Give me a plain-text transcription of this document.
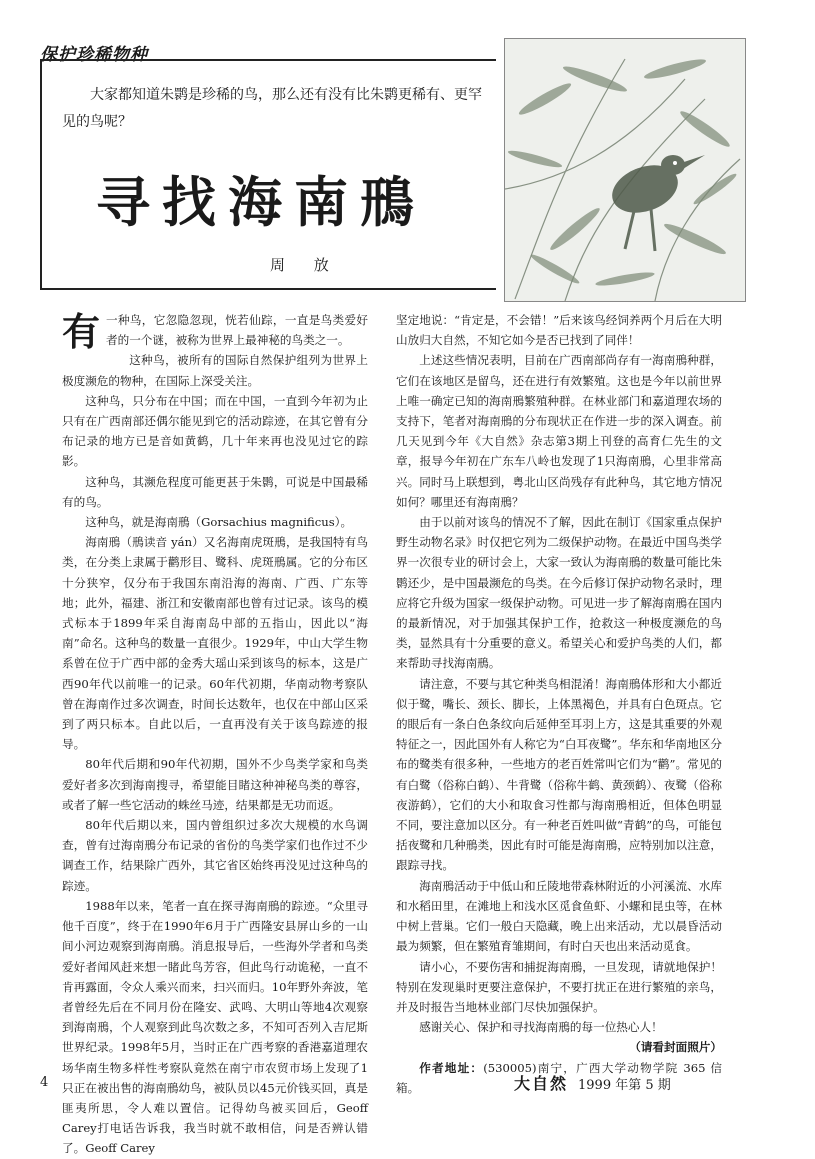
保护珍稀物种
大家都知道朱鹮是珍稀的鸟，那么还有没有比朱鹮更稀有、更罕见的鸟呢？
寻找海南鳽
周 放
有 一种鸟，它忽隐忽现，恍若仙踪，一直是鸟类爱好者的一个谜，被称为世界上最神秘的鸟类之一。

这种鸟，被所有的国际自然保护组列为世界上极度濒危的物种，在国际上深受关注。

这种鸟，只分布在中国；而在中国，一直到今年初为止只有在广西南部还偶尔能见到它的活动踪迹，在其它曾有分布记录的地方已是音如黄鹤，几十年来再也没见过它的踪影。

这种鸟，其濒危程度可能更甚于朱鹮，可说是中国最稀有的鸟。

这种鸟，就是海南鳽（Gorsachius magnificus）。

海南鳽（鳽读音 yán）又名海南虎斑鳽，是我国特有鸟类，在分类上隶属于鹳形目、鹭科、虎斑鳽属。它的分布区十分狭窄，仅分布于我国东南沿海的海南、广西、广东等地；此外，福建、浙江和安徽南部也曾有过记录。该鸟的模式标本于1899年采自海南岛中部的五指山，因此以“海南”命名。这种鸟的数量一直很少。1929年，中山大学生物系曾在位于广西中部的金秀大瑶山采到该鸟的标本，这是广西90年代以前唯一的记录。60年代初期，华南动物考察队曾在海南作过多次调查，时间长达数年，也仅在中部山区采到了两只标本。自此以后，一直再没有关于该鸟踪迹的报导。

80年代后期和90年代初期，国外不少鸟类学家和鸟类爱好者多次到海南搜寻，希望能目睹这种神秘鸟类的尊容，或者了解一些它活动的蛛丝马迹，结果都是无功而返。

80年代后期以来，国内曾组织过多次大规模的水鸟调查，曾有过海南鳽分布记录的省份的鸟类学家们也作过不少调查工作，结果除广西外，其它省区始终再没见过这种鸟的踪迹。

1988年以来，笔者一直在探寻海南鳽的踪迹。“众里寻他千百度”，终于在1990年6月于广西隆安县屏山乡的一山间小河边观察到海南鳽。消息报导后，一些海外学者和鸟类爱好者闻风赶来想一睹此鸟芳容，但此鸟行动诡秘，一直不肯再露面，令众人乘兴而来，扫兴而归。10年野外奔波，笔者曾经先后在不同月份在隆安、武鸣、大明山等地4次观察到海南鳽，个人观察到此鸟次数之多，不知可否列入吉尼斯世界纪录。1998年5月，当时正在广西考察的香港嘉道理农场华南生物多样性考察队竟然在南宁市农贸市场上发现了1只正在被出售的海南鳽幼鸟，被队员以45元价钱买回，真是匪夷所思，令人难以置信。记得幼鸟被买回后，Geoff Carey打电话告诉我，我当时就不敢相信，问是否辨认错了。Geoff Carey

坚定地说：“肯定是，不会错！”后来该鸟经饲养两个月后在大明山放归大自然，不知它如今是否已找到了同伴！

上述这些情况表明，目前在广西南部尚存有一海南鳽种群，它们在该地区是留鸟，还在进行有效繁殖。这也是今年以前世界上唯一确定已知的海南鳽繁殖种群。在林业部门和嘉道理农场的支持下，笔者对海南鳽的分布现状正在作进一步的深入调查。前几天见到今年《大自然》杂志第3期上刊登的高育仁先生的文章，报导今年初在广东车八岭也发现了1只海南鳽，心里非常高兴。同时马上联想到，粤北山区尚残存有此种鸟，其它地方情况如何？哪里还有海南鳽？

由于以前对该鸟的情况不了解，因此在制订《国家重点保护野生动物名录》时仅把它列为二级保护动物。在最近中国鸟类学界一次很专业的研讨会上，大家一致认为海南鳽的数量可能比朱鹮还少，是中国最濒危的鸟类。在今后修订保护动物名录时，理应将它升级为国家一级保护动物。可见进一步了解海南鳽在国内的最新情况，对于加强其保护工作，抢救这一种极度濒危的鸟类，显然具有十分重要的意义。希望关心和爱护鸟类的人们，都来帮助寻找海南鳽。

请注意，不要与其它种类鸟相混淆！海南鳽体形和大小都近似于鹭，嘴长、颈长、脚长，上体黑褐色，并具有白色斑点。它的眼后有一条白色条纹向后延伸至耳羽上方，这是其重要的外观特征之一，因此国外有人称它为“白耳夜鹭”。华东和华南地区分布的鹭类有很多种，一些地方的老百姓常叫它们为“鹳”。常见的有白鹭（俗称白鹤）、牛背鹭（俗称牛鹤、黄颈鹤）、夜鹭（俗称夜游鹤），它们的大小和取食习性都与海南鳽相近，但体色明显不同，要注意加以区分。有一种老百姓叫做“青鹤”的鸟，可能包括夜鹭和几种鳽类，因此有时可能是海南鳽，应特别加以注意，跟踪寻找。

海南鳽活动于中低山和丘陵地带森林附近的小河溪流、水库和水稻田里，在滩地上和浅水区觅食鱼虾、小螺和昆虫等，在林中树上营巢。它们一般白天隐藏，晚上出来活动，尤以晨昏活动最为频繁，但在繁殖育雏期间，有时白天也出来活动觅食。

请小心，不要伤害和捕捉海南鳽，一旦发现，请就地保护！特别在发现巢时更要注意保护，不要打扰正在进行繁殖的亲鸟，并及时报告当地林业部门尽快加强保护。

感谢关心、保护和寻找海南鳽的每一位热心人！

（请看封面照片）

作者地址：(530005)南宁，广西大学动物学院 365 信箱。

4	大自然 1999 年第 5 期
